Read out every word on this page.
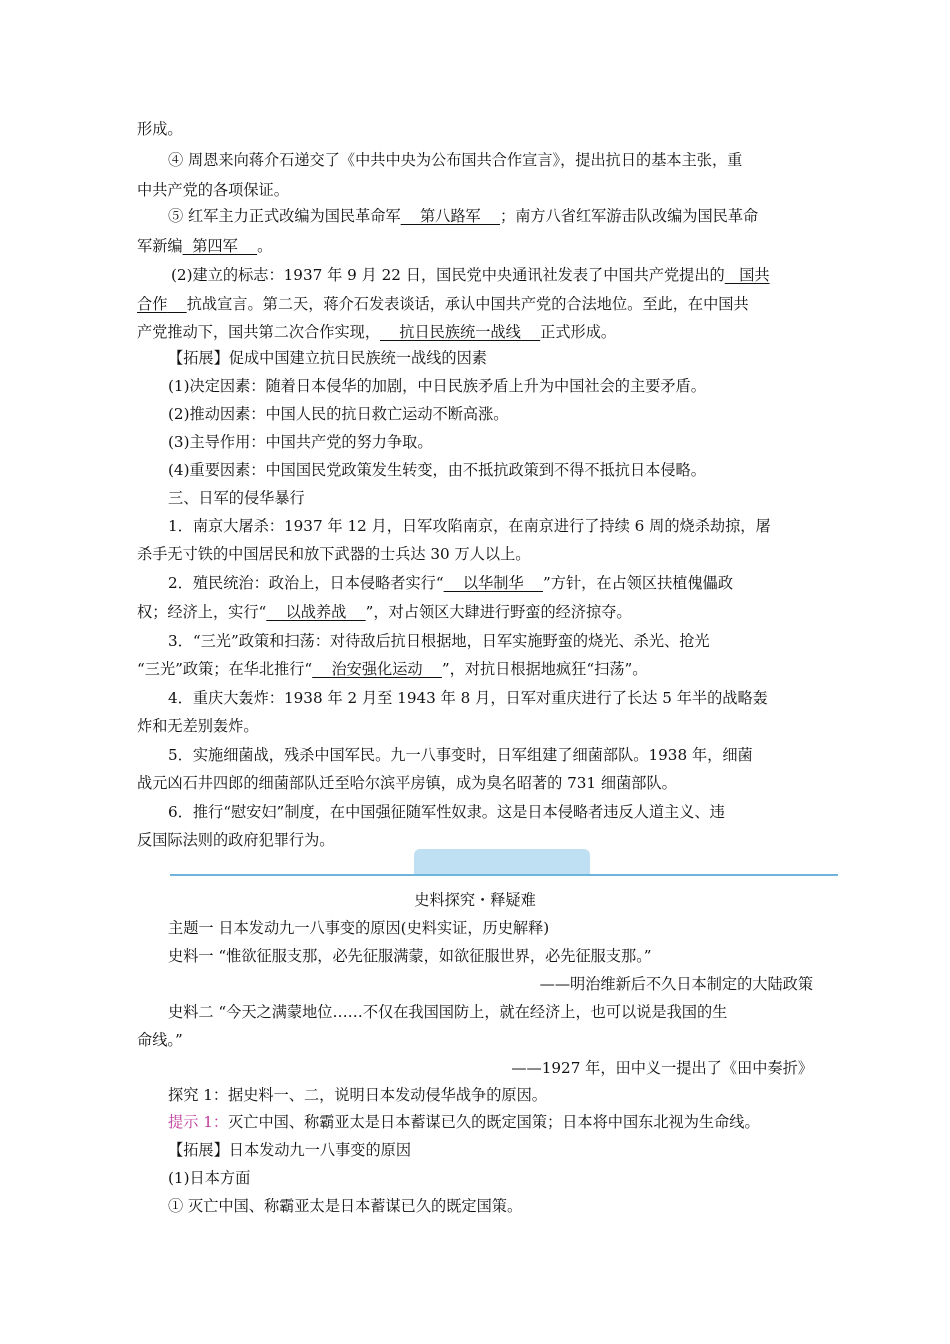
形成。
④ 周恩来向蒋介石递交了《中共中央为公布国共合作宣言》，提出抗日的基本主张，重
中共产党的各项保证。
⑤ 红军主力正式改编为国民革命军    第八路军    ；南方八省红军游击队改编为国民革命
军新编  第四军    。
(2)建立的标志：1937 年 9 月 22 日，国民党中央通讯社发表了中国共产党提出的   国共
合作 抗战宣言。第二天，蒋介石发表谈话，承认中国共产党的合法地位。至此，在中国共
产党推动下，国共第二次合作实现，    抗日民族统一战线    正式形成。
【拓展】促成中国建立抗日民族统一战线的因素
(1)决定因素：随着日本侵华的加剧，中日民族矛盾上升为中国社会的主要矛盾。
(2)推动因素：中国人民的抗日救亡运动不断高涨。
(3)主导作用：中国共产党的努力争取。
(4)重要因素：中国国民党政策发生转变，由不抵抗政策到不得不抵抗日本侵略。
三、日军的侵华暴行
1．南京大屠杀：1937 年 12 月，日军攻陷南京，在南京进行了持续 6 周的烧杀劫掠，屠
杀手无寸铁的中国居民和放下武器的士兵达 30 万人以上。
2．殖民统治：政治上，日本侵略者实行“    以华制华    ”方针，在占领区扶植傀儡政
权；经济上，实行“    以战养战    ”，对占领区大肆进行野蛮的经济掠夺。
3．“三光”政策和扫荡：对待敌后抗日根据地，日军实施野蛮的烧光、杀光、抢光
“三光”政策；在华北推行“    治安强化运动    ”，对抗日根据地疯狂“扫荡”。
4．重庆大轰炸：1938 年 2 月至 1943 年 8 月，日军对重庆进行了长达 5 年半的战略轰
炸和无差别轰炸。
5．实施细菌战，残杀中国军民。九一八事变时，日军组建了细菌部队。1938 年，细菌
战元凶石井四郎的细菌部队迁至哈尔滨平房镇，成为臭名昭著的 731 细菌部队。
6．推行“慰安妇”制度，在中国强征随军性奴隶。这是日本侵略者违反人道主义、违
反国际法则的政府犯罪行为。
史料探究・释疑难
主题一 日本发动九一八事变的原因(史料实证，历史解释)
史料一 “惟欲征服支那，必先征服满蒙，如欲征服世界，必先征服支那。”
——明治维新后不久日本制定的大陆政策
史料二 “今天之满蒙地位……不仅在我国国防上，就在经济上，也可以说是我国的生
命线。”
——1927 年，田中义一提出了《田中奏折》
探究 1：据史料一、二，说明日本发动侵华战争的原因。
提示 1：灭亡中国、称霸亚太是日本蓄谋已久的既定国策；日本将中国东北视为生命线。
【拓展】日本发动九一八事变的原因
(1)日本方面
① 灭亡中国、称霸亚太是日本蓄谋已久的既定国策。
